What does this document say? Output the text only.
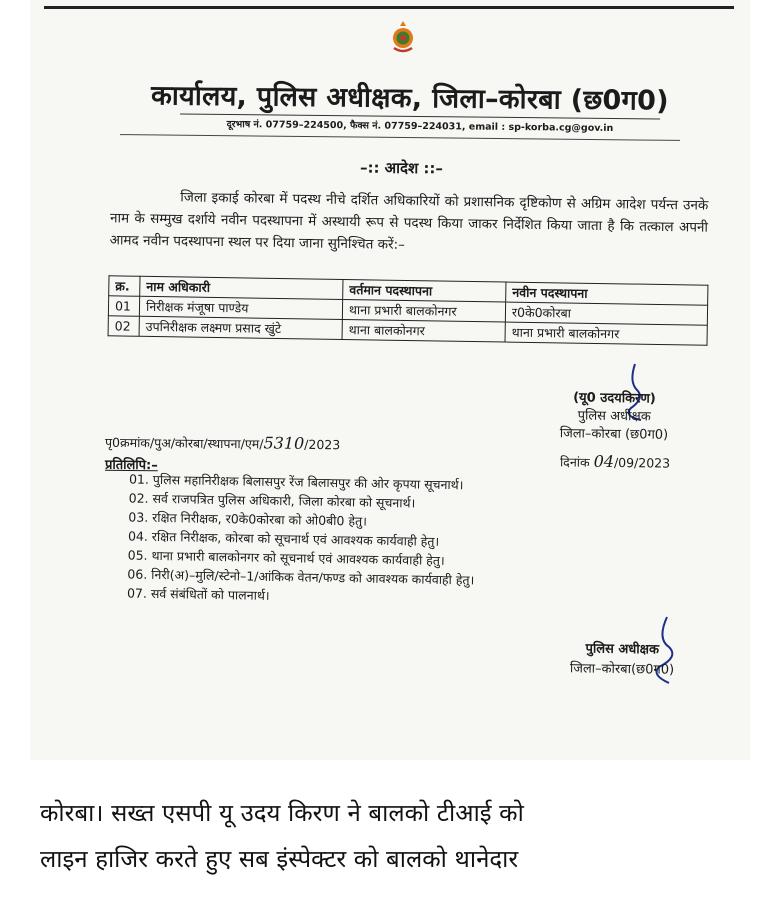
कार्यालय, पुलिस अधीक्षक, जिला–कोरबा (छ0ग0)
दूरभाष नं. 07759–224500, फैक्स नं. 07759–224031, email : sp-korba.cg@gov.in
–:: आदेश ::–
जिला इकाई कोरबा में पदस्थ नीचे दर्शित अधिकारियों को प्रशासनिक दृष्टिकोण से अग्रिम आदेश पर्यन्त उनके नाम के सम्मुख दर्शाये नवीन पदस्थापना में अस्थायी रूप से पदस्थ किया जाकर निर्देशित किया जाता है कि तत्काल अपनी आमद नवीन पदस्थापना स्थल पर दिया जाना सुनिश्चित करें:–
क्र.	नाम अधिकारी	वर्तमान पदस्थापना	नवीन पदस्थापना
01	निरीक्षक मंजूषा पाण्डेय	थाना प्रभारी बालकोनगर	र0के0कोरबा
02	उपनिरीक्षक लक्ष्मण प्रसाद खुंटे	थाना बालकोनगर	थाना प्रभारी बालकोनगर
(यू0 उदयकिरण)
पुलिस अधीक्षक
जिला–कोरबा (छ0ग0)
पृ0क्रमांक/पुअ/कोरबा/स्थापना/एम/5310/2023
दिनांक 04/09/2023
प्रतिलिपि:–
01. पुलिस महानिरीक्षक बिलासपुर रेंज बिलासपुर की ओर कृपया सूचनार्थ।
02. सर्व राजपत्रित पुलिस अधिकारी, जिला कोरबा को सूचनार्थ।
03. रक्षित निरीक्षक, र0के0कोरबा को ओ0बी0 हेतु।
04. रक्षित निरीक्षक, कोरबा को सूचनार्थ एवं आवश्यक कार्यवाही हेतु।
05. थाना प्रभारी बालकोनगर को सूचनार्थ एवं आवश्यक कार्यवाही हेतु।
06. निरी(अ)–मुलि/स्टेनो–1/आंकिक वेतन/फण्ड को आवश्यक कार्यवाही हेतु।
07. सर्व संबंधितों को पालनार्थ।
पुलिस अधीक्षक
जिला–कोरबा(छ0ग0)
कोरबा। सख्त एसपी यू उदय किरण ने बालको टीआई को
लाइन हाजिर करते हुए सब इंस्पेक्टर को बालको थानेदार
